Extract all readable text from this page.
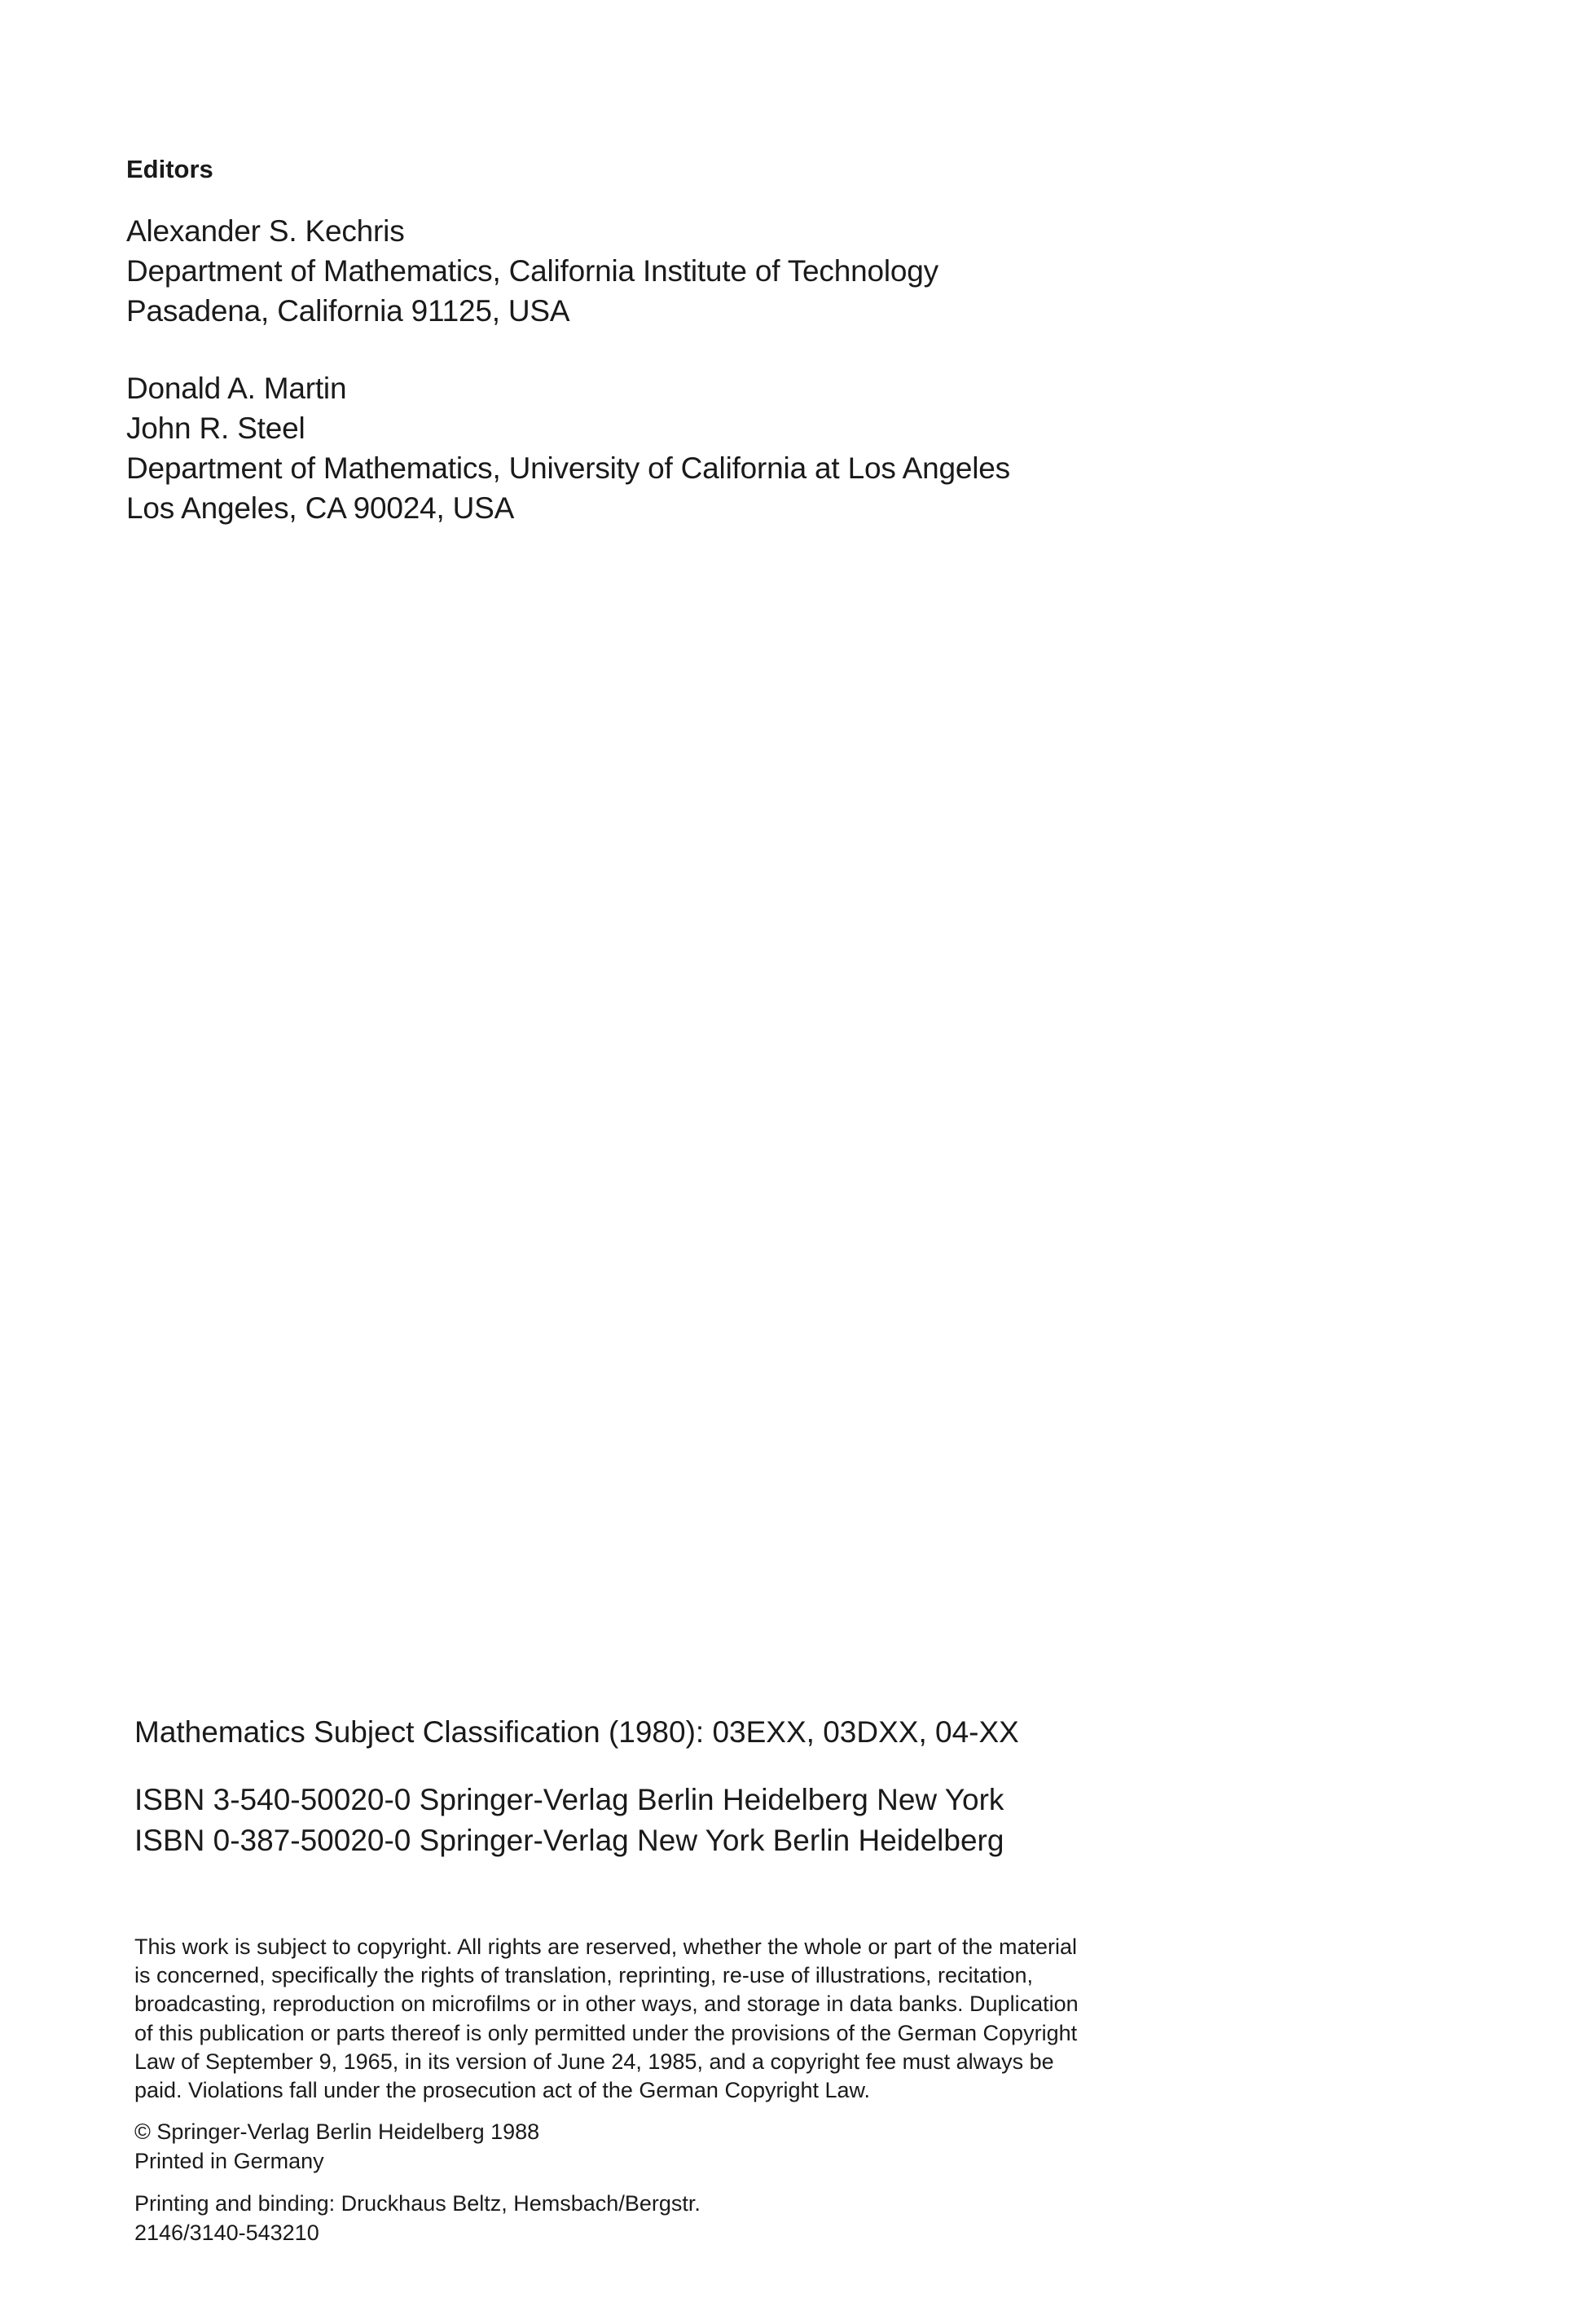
Editors
Alexander S. Kechris
Department of Mathematics, California Institute of Technology
Pasadena, California 91125, USA
Donald A. Martin
John R. Steel
Department of Mathematics, University of California at Los Angeles
Los Angeles, CA 90024, USA
Mathematics Subject Classification (1980): 03EXX, 03DXX, 04-XX
ISBN 3-540-50020-0 Springer-Verlag Berlin Heidelberg New York
ISBN 0-387-50020-0 Springer-Verlag New York Berlin Heidelberg
This work is subject to copyright. All rights are reserved, whether the whole or part of the material
is concerned, specifically the rights of translation, reprinting, re-use of illustrations, recitation,
broadcasting, reproduction on microfilms or in other ways, and storage in data banks. Duplication
of this publication or parts thereof is only permitted under the provisions of the German Copyright
Law of September 9, 1965, in its version of June 24, 1985, and a copyright fee must always be
paid. Violations fall under the prosecution act of the German Copyright Law.
© Springer-Verlag Berlin Heidelberg 1988
Printed in Germany
Printing and binding: Druckhaus Beltz, Hemsbach/Bergstr.
2146/3140-543210
